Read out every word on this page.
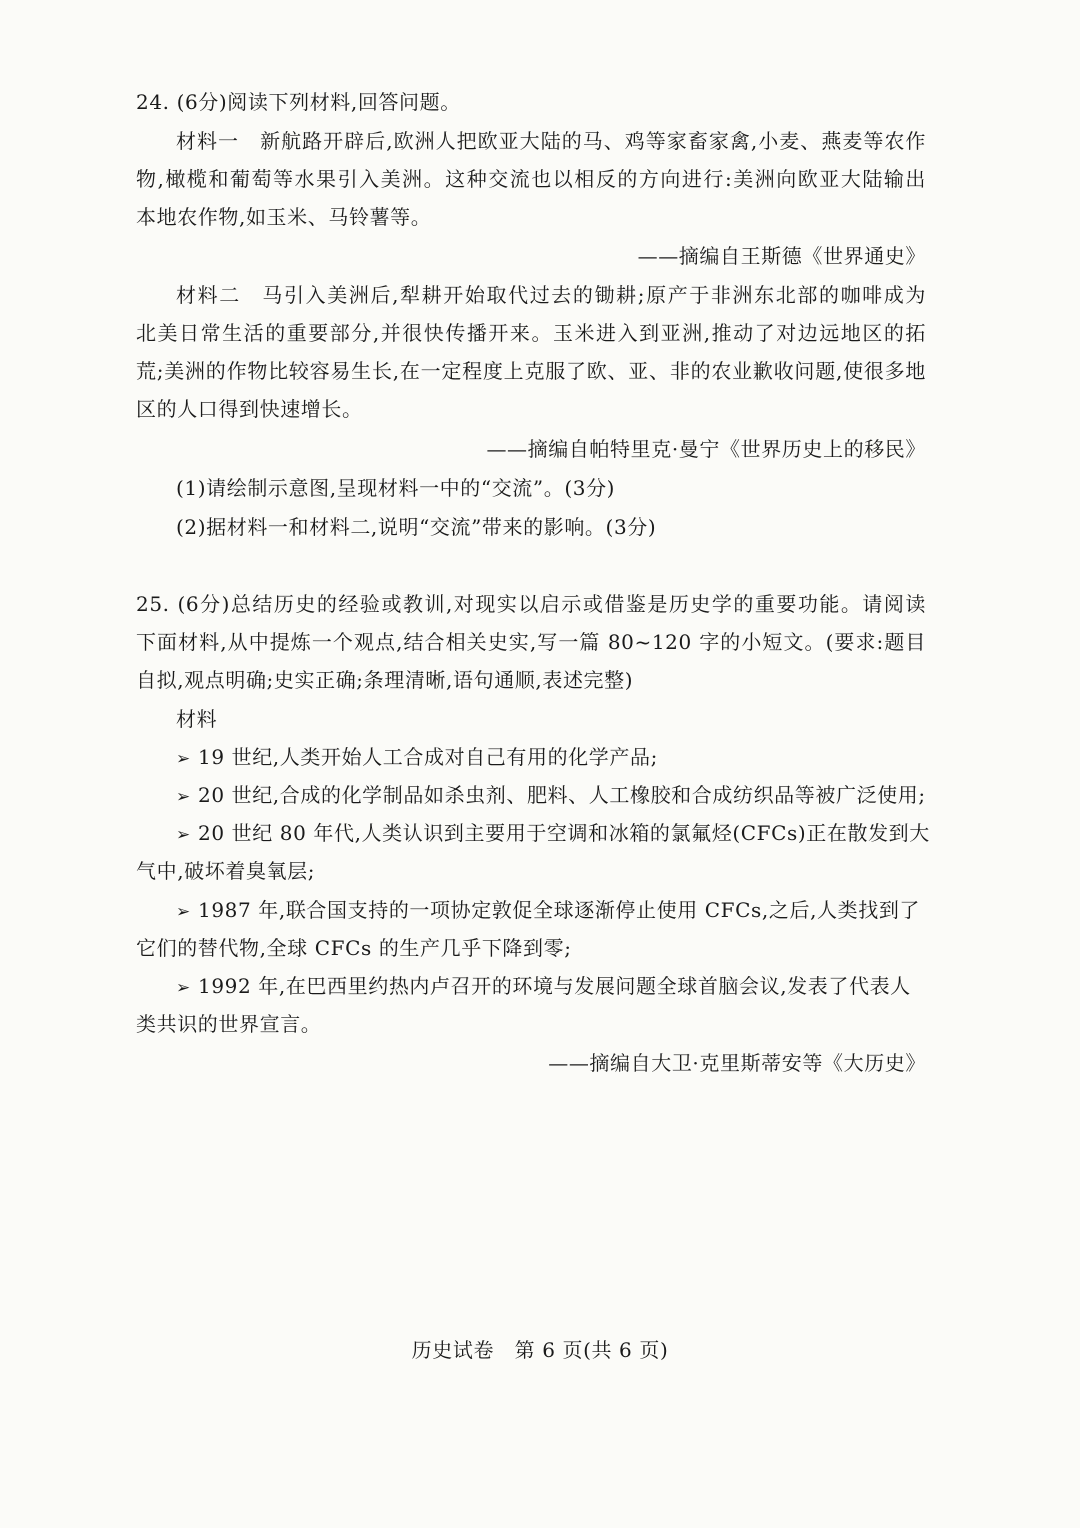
24. (6分)阅读下列材料,回答问题。
材料一　新航路开辟后,欧洲人把欧亚大陆的马、鸡等家畜家禽,小麦、燕麦等农作
物,橄榄和葡萄等水果引入美洲。这种交流也以相反的方向进行:美洲向欧亚大陆输出
本地农作物,如玉米、马铃薯等。
——摘编自王斯德《世界通史》
材料二　马引入美洲后,犁耕开始取代过去的锄耕;原产于非洲东北部的咖啡成为
北美日常生活的重要部分,并很快传播开来。玉米进入到亚洲,推动了对边远地区的拓
荒;美洲的作物比较容易生长,在一定程度上克服了欧、亚、非的农业歉收问题,使很多地
区的人口得到快速增长。
——摘编自帕特里克·曼宁《世界历史上的移民》
(1)请绘制示意图,呈现材料一中的“交流”。(3分)
(2)据材料一和材料二,说明“交流”带来的影响。(3分)
25. (6分)总结历史的经验或教训,对现实以启示或借鉴是历史学的重要功能。请阅读
下面材料,从中提炼一个观点,结合相关史实,写一篇 80~120 字的小短文。(要求:题目
自拟,观点明确;史实正确;条理清晰,语句通顺,表述完整)
材料
➢ 19 世纪,人类开始人工合成对自己有用的化学产品;
➢ 20 世纪,合成的化学制品如杀虫剂、肥料、人工橡胶和合成纺织品等被广泛使用;
➢ 20 世纪 80 年代,人类认识到主要用于空调和冰箱的氯氟烃(CFCs)正在散发到大
气中,破坏着臭氧层;
➢ 1987 年,联合国支持的一项协定敦促全球逐渐停止使用 CFCs,之后,人类找到了
它们的替代物,全球 CFCs 的生产几乎下降到零;
➢ 1992 年,在巴西里约热内卢召开的环境与发展问题全球首脑会议,发表了代表人
类共识的世界宣言。
——摘编自大卫·克里斯蒂安等《大历史》
历史试卷　第 6 页(共 6 页)
